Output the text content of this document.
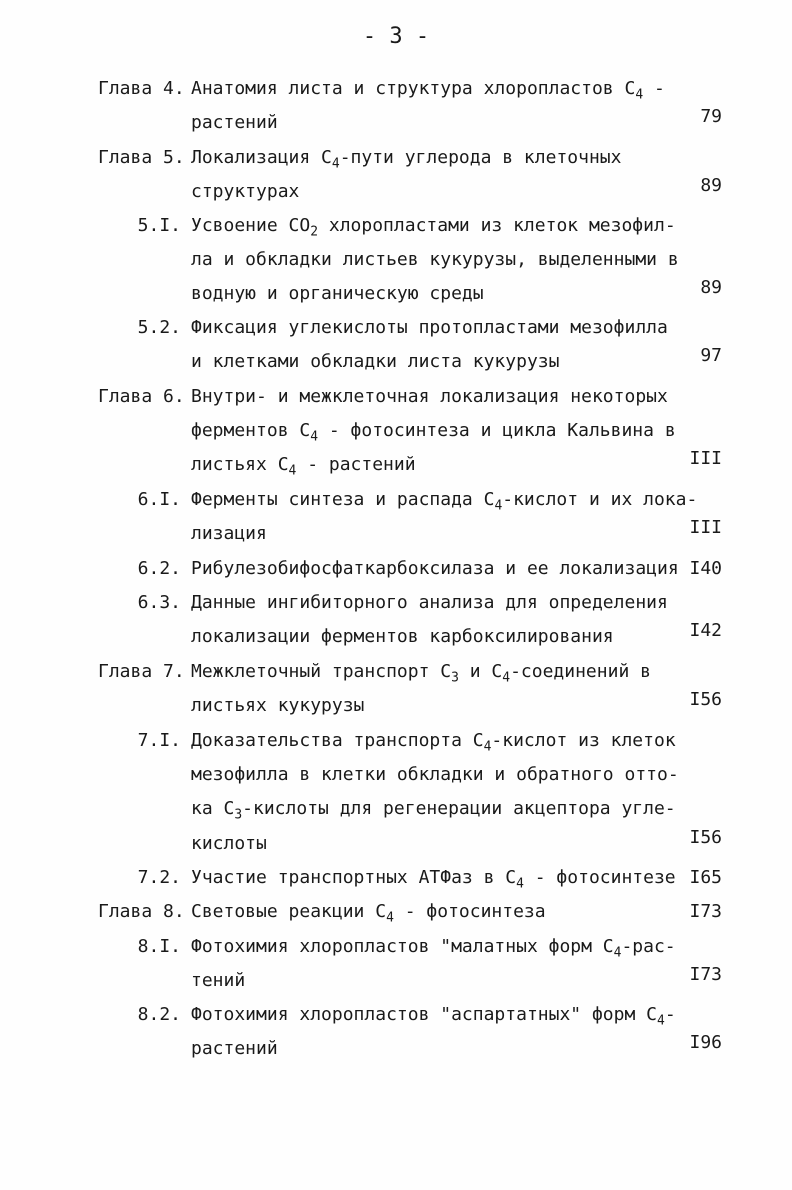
- 3 -
Глава 4. Анатомия листа и структура хлоропластов $С_4$ -
растений	79
Глава 5. Локализация $С_4$-пути углерода в клеточных
структурах	89
5.I. Усвоение $СО_2$ хлоропластами из клеток мезофил-
ла и обкладки листьев кукурузы, выделенными в
водную и органическую среды	89
5.2. Фиксация углекислоты протопластами мезофилла
и клетками обкладки листа кукурузы	97
Глава 6. Внутри- и межклеточная локализация некоторых
ферментов $С_4$ - фотосинтеза и цикла Кальвина в
листьях $С_4$ - растений	III
6.I. Ферменты синтеза и распада $С_4$-кислот и их лока-
лизация	III
6.2. Рибулезобифосфаткарбоксилаза и ее локализация I40
6.3. Данные ингибиторного анализа для определения
локализации ферментов карбоксилирования	I42
Глава 7. Межклеточный транспорт $С_3$ и $С_4$-соединений в
листьях кукурузы	I56
7.I. Доказательства транспорта $С_4$-кислот из клеток
мезофилла в клетки обкладки и обратного отто-
ка $С_3$-кислоты для регенерации акцептора угле-
кислоты	I56
7.2. Участие транспортных АТФаз в $С_4$ - фотосинтезе I65
Глава 8. Световые реакции $С_4$ - фотосинтеза	I73
8.I. Фотохимия хлоропластов "малатных форм $С_4-рас-$
тений	I73
8.2. Фотохимия хлоропластов "аспартатных" форм $С_4-$
растений	I96
